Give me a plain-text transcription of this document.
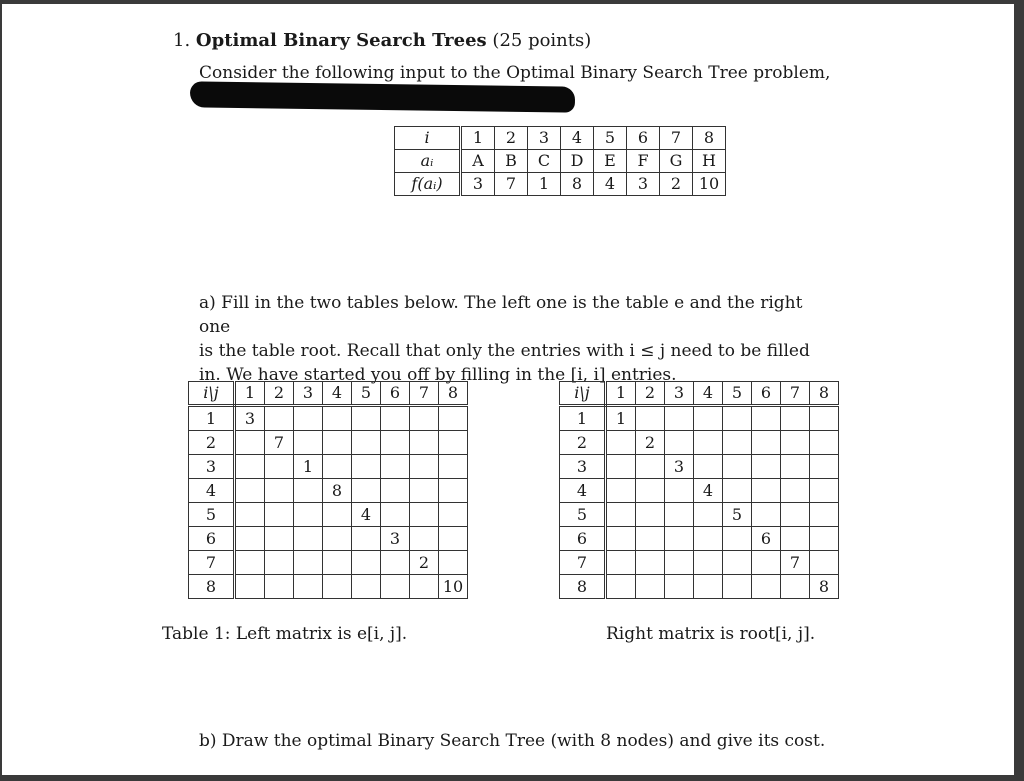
1. Optimal Binary Search Trees (25 points)
Consider the following input to the Optimal Binary Search Tree problem,
i	1	2	3	4	5	6	7	8
aᵢ	A	B	C	D	E	F	G	H
f(aᵢ)	3	7	1	8	4	3	2	10
a) Fill in the two tables below. The left one is the table e and the right one
is the table root. Recall that only the entries with i ≤ j need to be filled
in. We have started you off by filling in the [i, i] entries.
i\j	1	2	3	4	5	6	7	8
1	3							
2		7						
3			1					
4				8				
5					4			
6						3		
7							2	
8								10
i\j	1	2	3	4	5	6	7	8
1	1							
2		2						
3			3					
4				4				
5					5			
6						6		
7							7	
8								8
Table 1: Left matrix is e[i, j].	Right matrix is root[i, j].
b) Draw the optimal Binary Search Tree (with 8 nodes) and give its cost.
